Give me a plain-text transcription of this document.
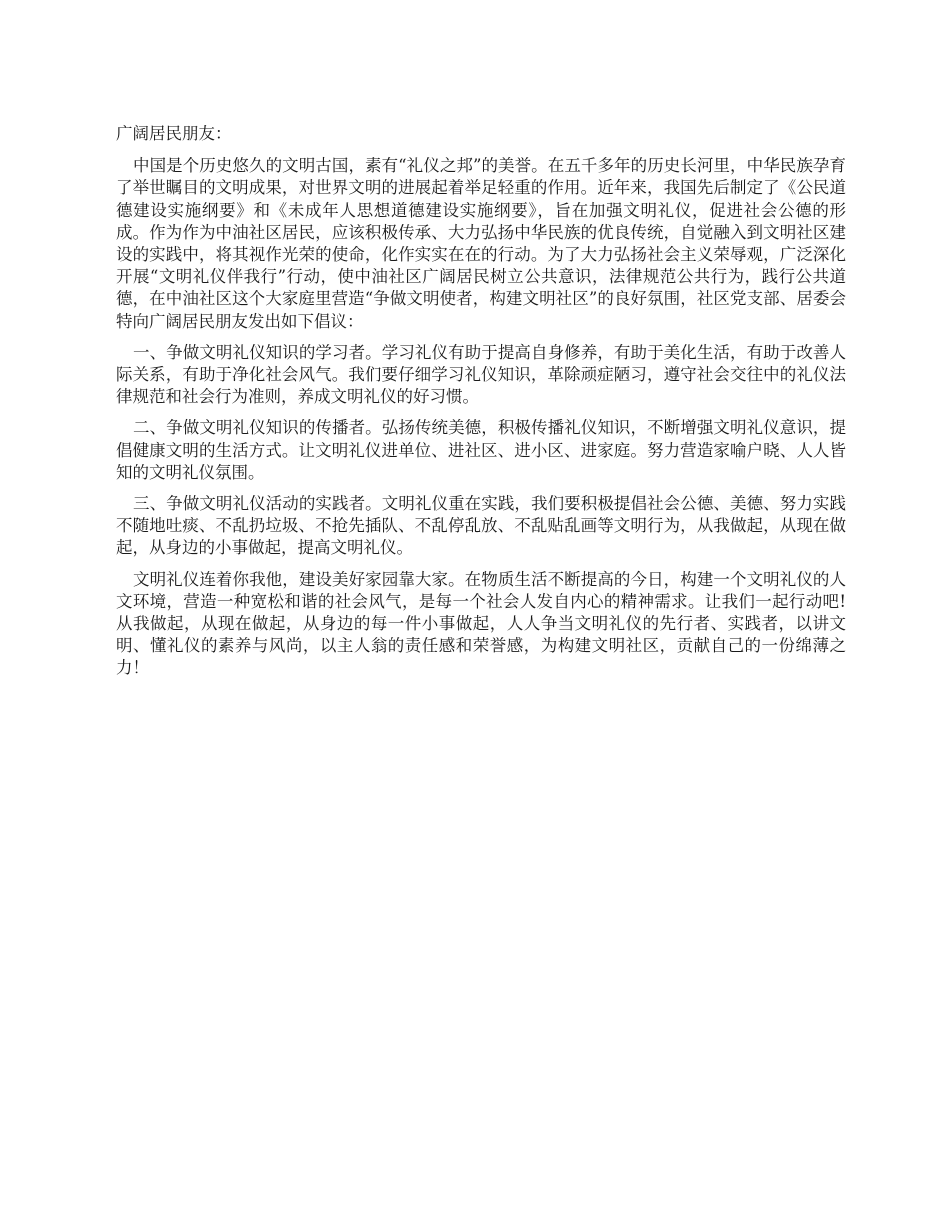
广阔居民朋友：

中国是个历史悠久的文明古国，素有“礼仪之邦”的美誉。在五千多年的历史长河里，中华民族孕育了举世瞩目的文明成果，对世界文明的进展起着举足轻重的作用。近年来，我国先后制定了《公民道德建设实施纲要》和《未成年人思想道德建设实施纲要》，旨在加强文明礼仪，促进社会公德的形成。作为作为中油社区居民，应该积极传承、大力弘扬中华民族的优良传统，自觉融入到文明社区建设的实践中，将其视作光荣的使命，化作实实在在的行动。为了大力弘扬社会主义荣辱观，广泛深化开展“文明礼仪伴我行”行动，使中油社区广阔居民树立公共意识，法律规范公共行为，践行公共道德，在中油社区这个大家庭里营造“争做文明使者，构建文明社区”的良好氛围，社区党支部、居委会特向广阔居民朋友发出如下倡议：

一、争做文明礼仪知识的学习者。学习礼仪有助于提高自身修养，有助于美化生活，有助于改善人际关系，有助于净化社会风气。我们要仔细学习礼仪知识，革除顽症陋习，遵守社会交往中的礼仪法律规范和社会行为准则，养成文明礼仪的好习惯。

二、争做文明礼仪知识的传播者。弘扬传统美德，积极传播礼仪知识，不断增强文明礼仪意识，提倡健康文明的生活方式。让文明礼仪进单位、进社区、进小区、进家庭。努力营造家喻户晓、人人皆知的文明礼仪氛围。

三、争做文明礼仪活动的实践者。文明礼仪重在实践，我们要积极提倡社会公德、美德、努力实践不随地吐痰、不乱扔垃圾、不抢先插队、不乱停乱放、不乱贴乱画等文明行为，从我做起，从现在做起，从身边的小事做起，提高文明礼仪。

文明礼仪连着你我他，建设美好家园靠大家。在物质生活不断提高的今日，构建一个文明礼仪的人文环境，营造一种宽松和谐的社会风气，是每一个社会人发自内心的精神需求。让我们一起行动吧!从我做起，从现在做起，从身边的每一件小事做起，人人争当文明礼仪的先行者、实践者，以讲文明、懂礼仪的素养与风尚，以主人翁的责任感和荣誉感，为构建文明社区，贡献自己的一份绵薄之力！
